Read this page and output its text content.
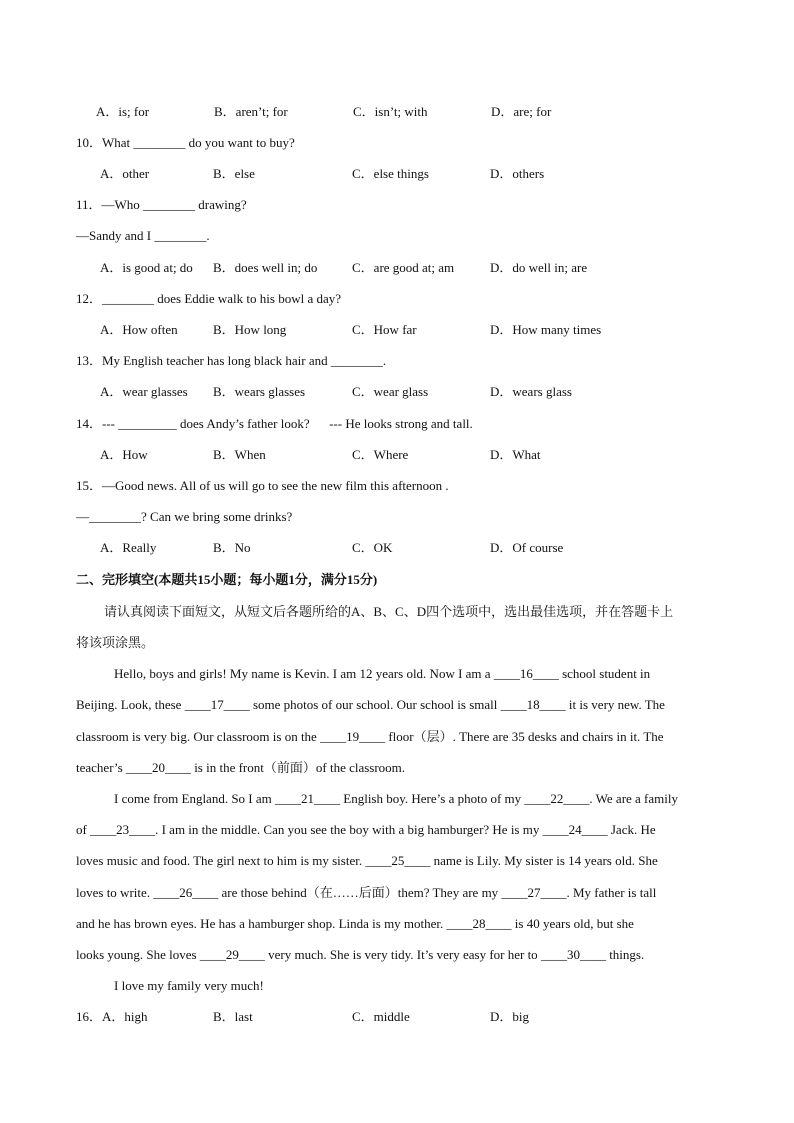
A．is; for	B．aren’t; for	C．isn’t; with	D．are; for
10．What ________ do you want to buy?
A．other	B．else	C．else things	D．others
11．—Who ________ drawing?
—Sandy and I ________.
A．is good at; do B．does well in; do	C．are good at; am	D．do well in; are
12．________ does Eddie walk to his bowl a day?
A．How often	B．How long	C．How far	D．How many times
13．My English teacher has long black hair and ________.
A．wear glasses B．wears glasses	C．wear glass	D．wears glass
14．--- _________ does Andy’s father look?      --- He looks strong and tall.
A．How	B．When	C．Where	D．What
15．—Good news. All of us will go to see the new film this afternoon .
—________? Can we bring some drinks?
A．Really	B．No	C．OK	D．Of course
二、完形填空(本题共15小题；每小题1分，满分15分)
请认真阅读下面短文，从短文后各题所给的A、B、C、D四个选项中，选出最佳选项，并在答题卡上
将该项涂黑。
Hello, boys and girls! My name is Kevin. I am 12 years old. Now I am a ____16____ school student in
Beijing. Look, these ____17____ some photos of our school. Our school is small ____18____ it is very new. The
classroom is very big. Our classroom is on the ____19____ floor（层）. There are 35 desks and chairs in it. The
teacher’s ____20____ is in the front（前面）of the classroom.
I come from England. So I am ____21____ English boy. Here’s a photo of my ____22____. We are a family
of ____23____. I am in the middle. Can you see the boy with a big hamburger? He is my ____24____ Jack. He
loves music and food. The girl next to him is my sister. ____25____ name is Lily. My sister is 14 years old. She
loves to write. ____26____ are those behind（在……后面）them? They are my ____27____. My father is tall
and he has brown eyes. He has a hamburger shop. Linda is my mother. ____28____ is 40 years old, but she
looks young. She loves ____29____ very much. She is very tidy. It’s very easy for her to ____30____ things.
I love my family very much!
16．A．high	B．last	C．middle	D．big
